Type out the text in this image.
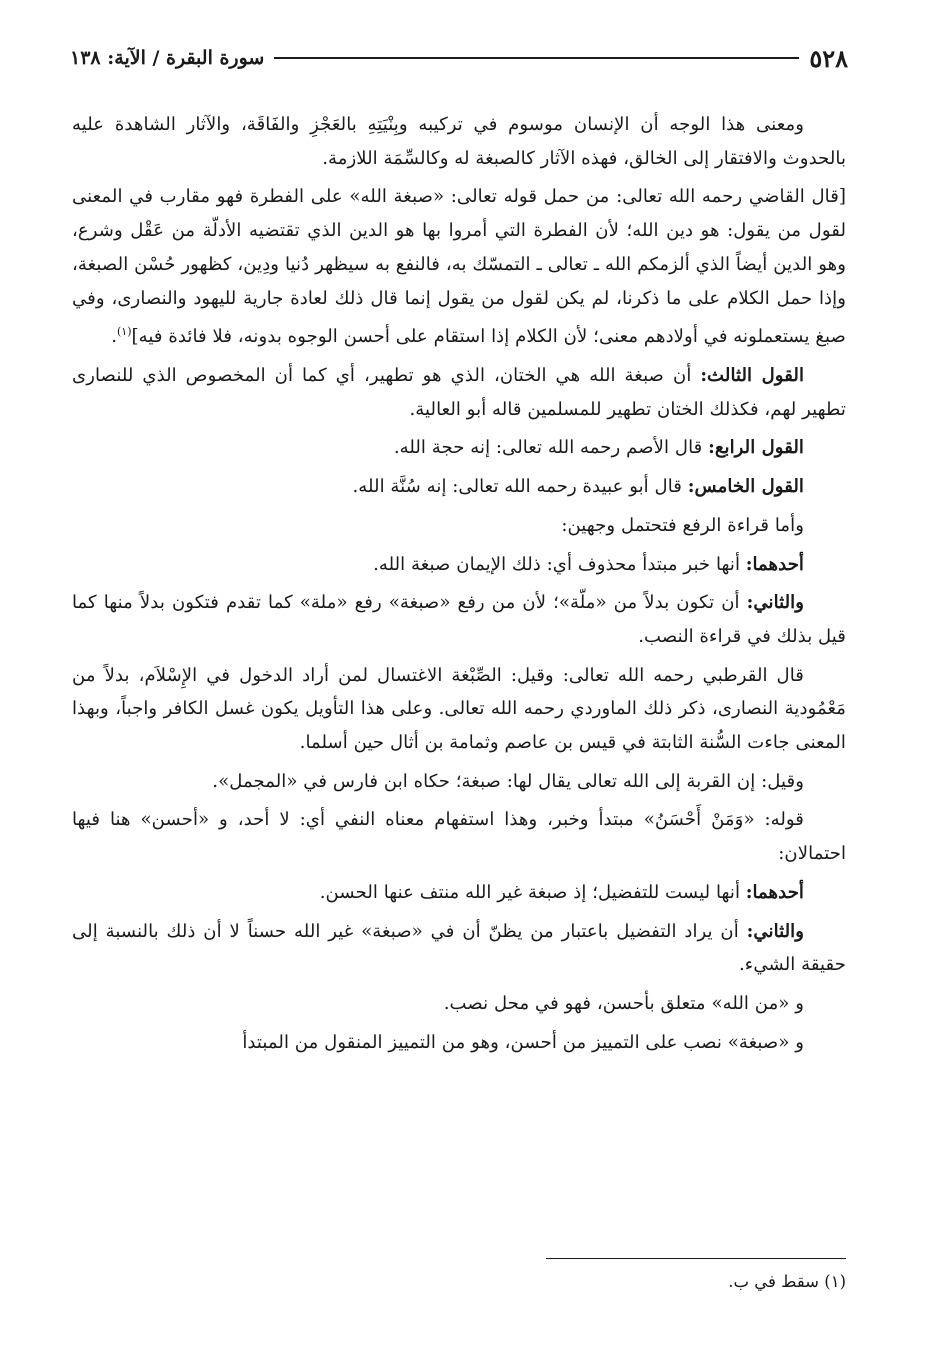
٥٢٨
سورة البقرة / الآية: ١٣٨

ومعنى هذا الوجه أن الإنسان موسوم في تركيبه وبِنْيَتِهِ بالعَجْزِ والفَاقَة، والآثار الشاهدة عليه بالحدوث والافتقار إلى الخالق، فهذه الآثار كالصبغة له وكالسِّمَة اللازمة.

[قال القاضي رحمه الله تعالى: من حمل قوله تعالى: «صبغة الله» على الفطرة فهو مقارب في المعنى لقول من يقول: هو دين الله؛ لأن الفطرة التي أمروا بها هو الدين الذي تقتضيه الأدلّة من عَقْل وشرع، وهو الدين أيضاً الذي ألزمكم الله ـ تعالى ـ التمسّك به، فالنفع به سيظهر دُنيا ودِين، كظهور حُسْن الصبغة، وإذا حمل الكلام على ما ذكرنا، لم يكن لقول من يقول إنما قال ذلك لعادة جارية لليهود والنصارى، وفي صبغ يستعملونه في أولادهم معنى؛ لأن الكلام إذا استقام على أحسن الوجوه بدونه، فلا فائدة فيه]$^{(١)}$.

القول الثالث: أن صبغة الله هي الختان، الذي هو تطهير، أي كما أن المخصوص الذي للنصارى تطهير لهم، فكذلك الختان تطهير للمسلمين قاله أبو العالية.

القول الرابع: قال الأصم رحمه الله تعالى: إنه حجة الله.

القول الخامس: قال أبو عبيدة رحمه الله تعالى: إنه سُنَّة الله.

وأما قراءة الرفع فتحتمل وجهين:

أحدهما: أنها خبر مبتدأ محذوف أي: ذلك الإيمان صبغة الله.

والثاني: أن تكون بدلاً من «ملّة»؛ لأن من رفع «صبغة» رفع «ملة» كما تقدم فتكون بدلاً منها كما قيل بذلك في قراءة النصب.

قال القرطبي رحمه الله تعالى: وقيل: الصِّبْغة الاغتسال لمن أراد الدخول في الإِسْلاَم، بدلاً من مَعْمُودية النصارى، ذكر ذلك الماوردي رحمه الله تعالى. وعلى هذا التأويل يكون غسل الكافر واجباً، وبهذا المعنى جاءت السُّنة الثابتة في قيس بن عاصم وثمامة بن أثال حين أسلما.

وقيل: إن القربة إلى الله تعالى يقال لها: صبغة؛ حكاه ابن فارس في «المجمل».

قوله: «وَمَنْ أَحْسَنُ» مبتدأ وخبر، وهذا استفهام معناه النفي أي: لا أحد، و «أحسن» هنا فيها احتمالان:

أحدهما: أنها ليست للتفضيل؛ إذ صبغة غير الله منتف عنها الحسن.

والثاني: أن يراد التفضيل باعتبار من يظنّ أن في «صبغة» غير الله حسناً لا أن ذلك بالنسبة إلى حقيقة الشيء.

و «من الله» متعلق بأحسن، فهو في محل نصب.

و «صبغة» نصب على التمييز من أحسن، وهو من التمييز المنقول من المبتدأ

(١) سقط في ب.
